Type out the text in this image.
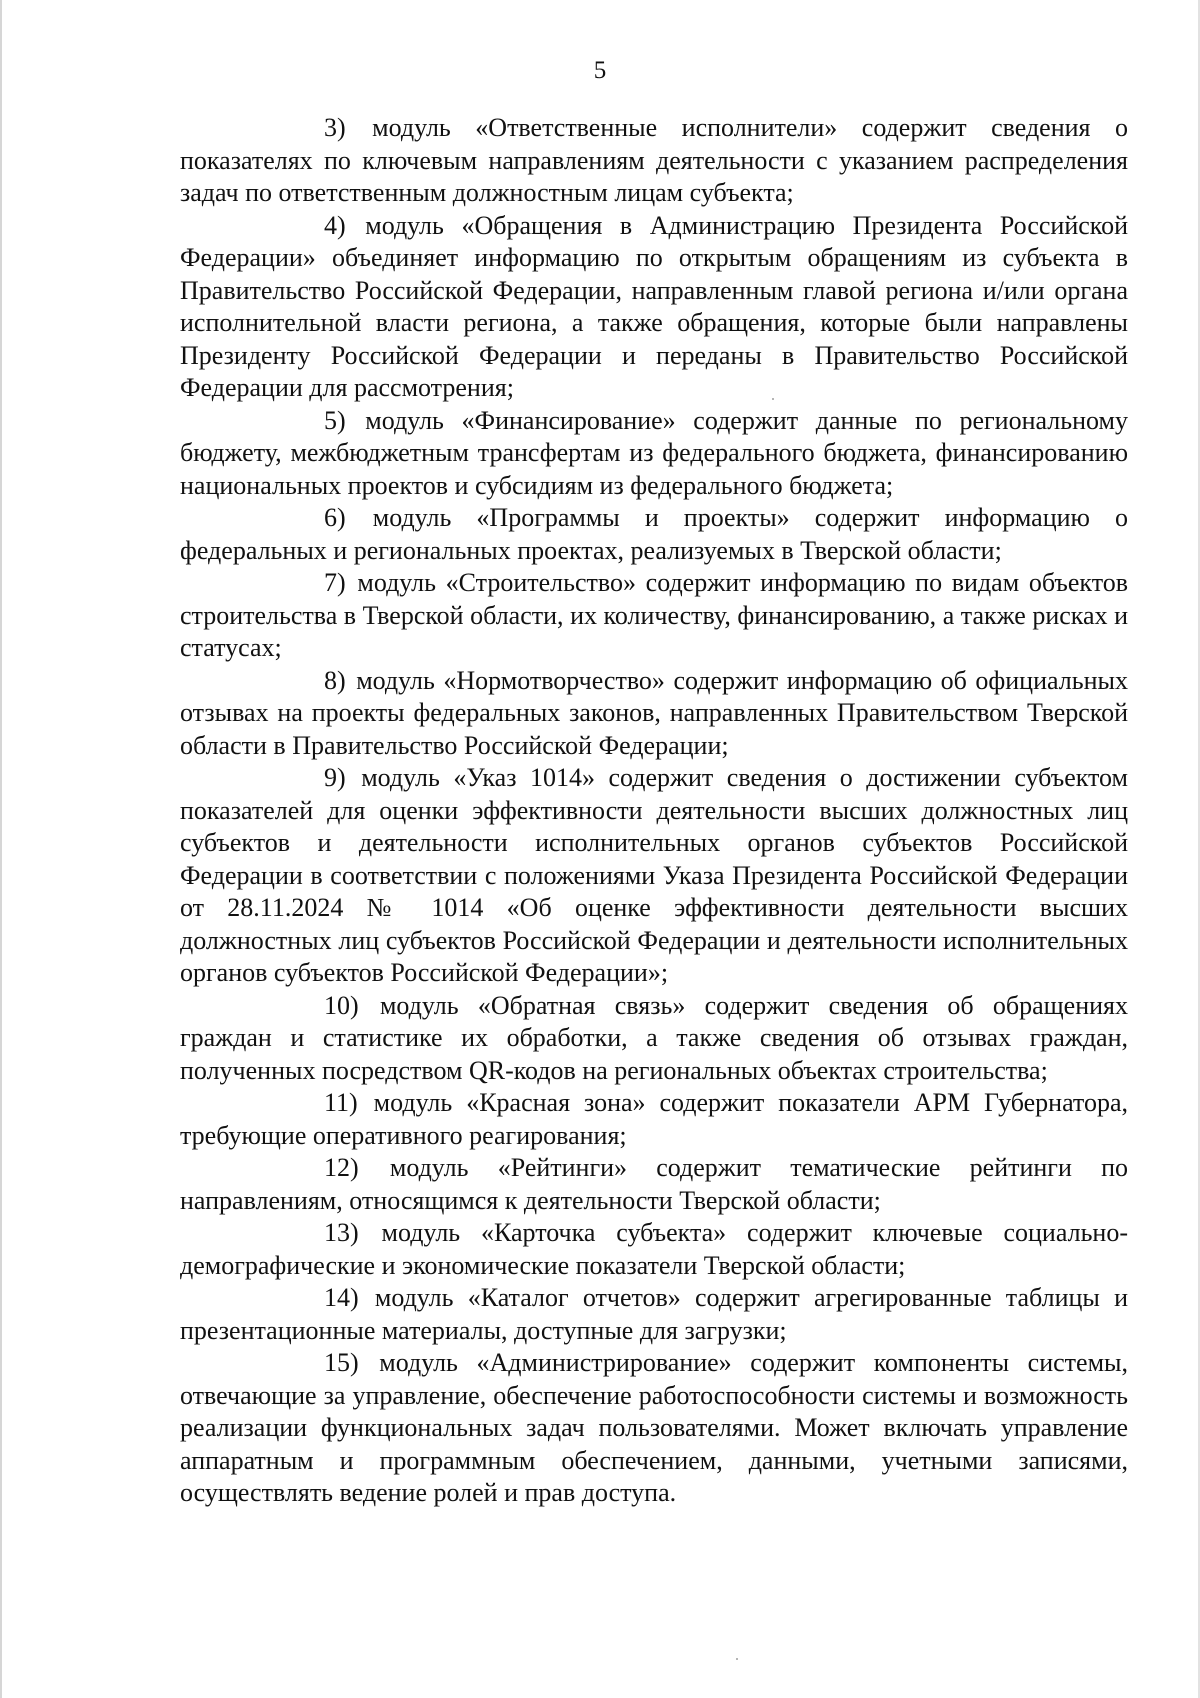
5

3) модуль «Ответственные исполнители» содержит сведения о показателях по ключевым направлениям деятельности с указанием распределения задач по ответственным должностным лицам субъекта;

4) модуль «Обращения в Администрацию Президента Российской Федерации» объединяет информацию по открытым обращениям из субъекта в Правительство Российской Федерации, направленным главой региона и/или органа исполнительной власти региона, а также обращения, которые были направлены Президенту Российской Федерации и переданы в Правительство Российской Федерации для рассмотрения;

5) модуль «Финансирование» содержит данные по региональному бюджету, межбюджетным трансфертам из федерального бюджета, финансированию национальных проектов и субсидиям из федерального бюджета;

6) модуль «Программы и проекты» содержит информацию о федеральных и региональных проектах, реализуемых в Тверской области;

7) модуль «Строительство» содержит информацию по видам объектов строительства в Тверской области, их количеству, финансированию, а также рисках и статусах;

8) модуль «Нормотворчество» содержит информацию об официальных отзывах на проекты федеральных законов, направленных Правительством Тверской области в Правительство Российской Федерации;

9) модуль «Указ 1014» содержит сведения о достижении субъектом показателей для оценки эффективности деятельности высших должностных лиц субъектов и деятельности исполнительных органов субъектов Российской Федерации в соответствии с положениями Указа Президента Российской Федерации от 28.11.2024 № 1014 «Об оценке эффективности деятельности высших должностных лиц субъектов Российской Федерации и деятельности исполнительных органов субъектов Российской Федерации»;

10) модуль «Обратная связь» содержит сведения об обращениях граждан и статистике их обработки, а также сведения об отзывах граждан, полученных посредством QR-кодов на региональных объектах строительства;

11) модуль «Красная зона» содержит показатели АРМ Губернатора, требующие оперативного реагирования;

12) модуль «Рейтинги» содержит тематические рейтинги по направлениям, относящимся к деятельности Тверской области;

13) модуль «Карточка субъекта» содержит ключевые социально-демографические и экономические показатели Тверской области;

14) модуль «Каталог отчетов» содержит агрегированные таблицы и презентационные материалы, доступные для загрузки;

15) модуль «Администрирование» содержит компоненты системы, отвечающие за управление, обеспечение работоспособности системы и возможность реализации функциональных задач пользователями. Может включать управление аппаратным и программным обеспечением, данными, учетными записями, осуществлять ведение ролей и прав доступа.
